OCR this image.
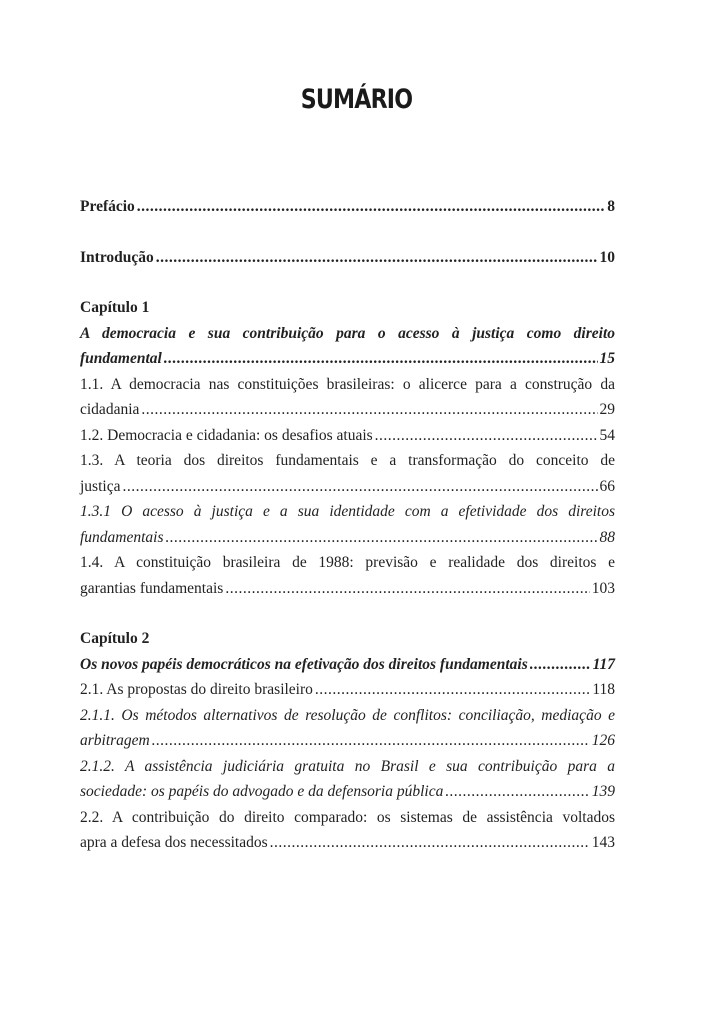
SUMÁRIO
Prefácio .....	8
Introdução .....	10
Capítulo 1
A democracia e sua contribuição para o acesso à justiça como direito
fundamental .....	15
1.1. A democracia nas constituições brasileiras: o alicerce para a construção da
cidadania .....	29
1.2. Democracia e cidadania: os desafios atuais .....	54
1.3. A teoria dos direitos fundamentais e a transformação do conceito de
justiça .....	66
1.3.1 O acesso à justiça e a sua identidade com a efetividade dos direitos
fundamentais .....	88
1.4. A constituição brasileira de 1988: previsão e realidade dos direitos e
garantias fundamentais .....	103
Capítulo 2
Os novos papéis democráticos na efetivação dos direitos fundamentais .....	117
2.1. As propostas do direito brasileiro .....	118
2.1.1. Os métodos alternativos de resolução de conflitos: conciliação, mediação e
arbitragem .....	126
2.1.2. A assistência judiciária gratuita no Brasil e sua contribuição para a
sociedade: os papéis do advogado e da defensoria pública .....	139
2.2. A contribuição do direito comparado: os sistemas de assistência voltados
apra a defesa dos necessitados .....	143
